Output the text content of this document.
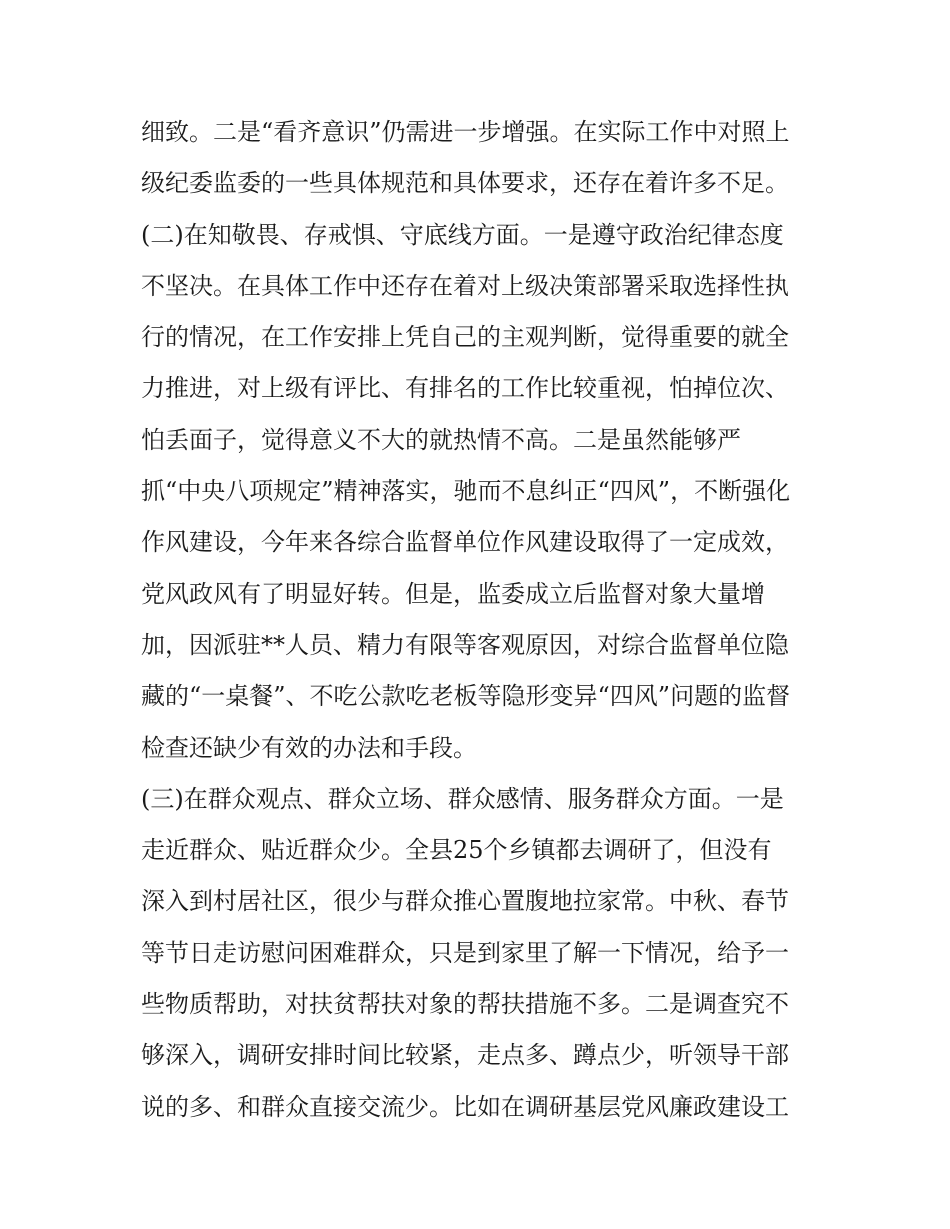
细致。二是“看齐意识”仍需进一步增强。在实际工作中对照上
级纪委监委的一些具体规范和具体要求，还存在着许多不足。
(二)在知敬畏、存戒惧、守底线方面。一是遵守政治纪律态度
不坚决。在具体工作中还存在着对上级决策部署采取选择性执
行的情况，在工作安排上凭自己的主观判断，觉得重要的就全
力推进，对上级有评比、有排名的工作比较重视，怕掉位次、
怕丢面子，觉得意义不大的就热情不高。二是虽然能够严
抓“中央八项规定”精神落实，驰而不息纠正“四风”，不断强化
作风建设，今年来各综合监督单位作风建设取得了一定成效，
党风政风有了明显好转。但是，监委成立后监督对象大量增
加，因派驻**人员、精力有限等客观原因，对综合监督单位隐
藏的“一桌餐”、不吃公款吃老板等隐形变异“四风”问题的监督
检查还缺少有效的办法和手段。
(三)在群众观点、群众立场、群众感情、服务群众方面。一是
走近群众、贴近群众少。全县25个乡镇都去调研了，但没有
深入到村居社区，很少与群众推心置腹地拉家常。中秋、春节
等节日走访慰问困难群众，只是到家里了解一下情况，给予一
些物质帮助，对扶贫帮扶对象的帮扶措施不多。二是调查究不
够深入，调研安排时间比较紧，走点多、蹲点少，听领导干部
说的多、和群众直接交流少。比如在调研基层党风廉政建设工
